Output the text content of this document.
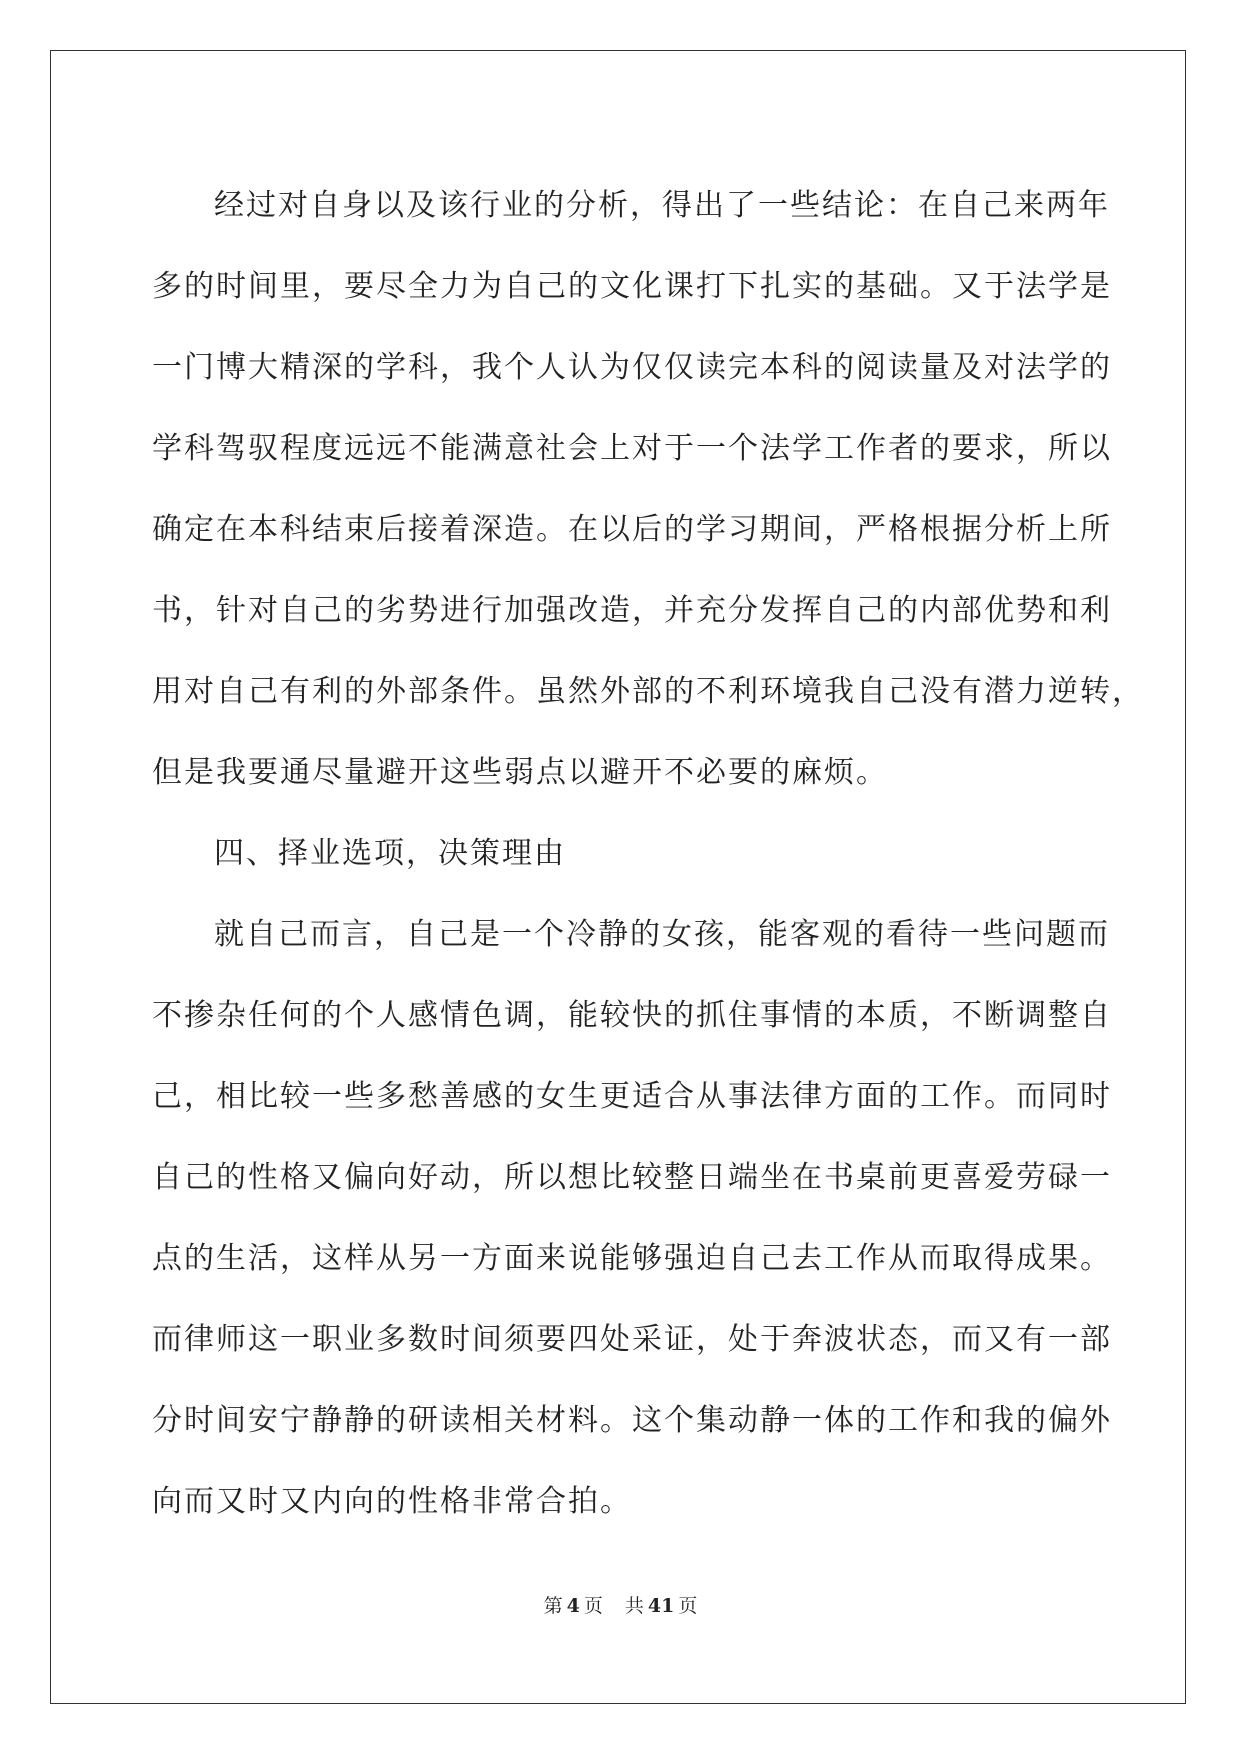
经过对自身以及该行业的分析，得出了一些结论：在自己来两年
多的时间里，要尽全力为自己的文化课打下扎实的基础。又于法学是
一门博大精深的学科，我个人认为仅仅读完本科的阅读量及对法学的
学科驾驭程度远远不能满意社会上对于一个法学工作者的要求，所以
确定在本科结束后接着深造。在以后的学习期间，严格根据分析上所
书，针对自己的劣势进行加强改造，并充分发挥自己的内部优势和利
用对自己有利的外部条件。虽然外部的不利环境我自己没有潜力逆转，
但是我要通尽量避开这些弱点以避开不必要的麻烦。
四、择业选项，决策理由
就自己而言，自己是一个冷静的女孩，能客观的看待一些问题而
不掺杂任何的个人感情色调，能较快的抓住事情的本质，不断调整自
己，相比较一些多愁善感的女生更适合从事法律方面的工作。而同时
自己的性格又偏向好动，所以想比较整日端坐在书桌前更喜爱劳碌一
点的生活，这样从另一方面来说能够强迫自己去工作从而取得成果。
而律师这一职业多数时间须要四处采证，处于奔波状态，而又有一部
分时间安宁静静的研读相关材料。这个集动静一体的工作和我的偏外
向而又时又内向的性格非常合拍。
第 4 页 共 41 页
